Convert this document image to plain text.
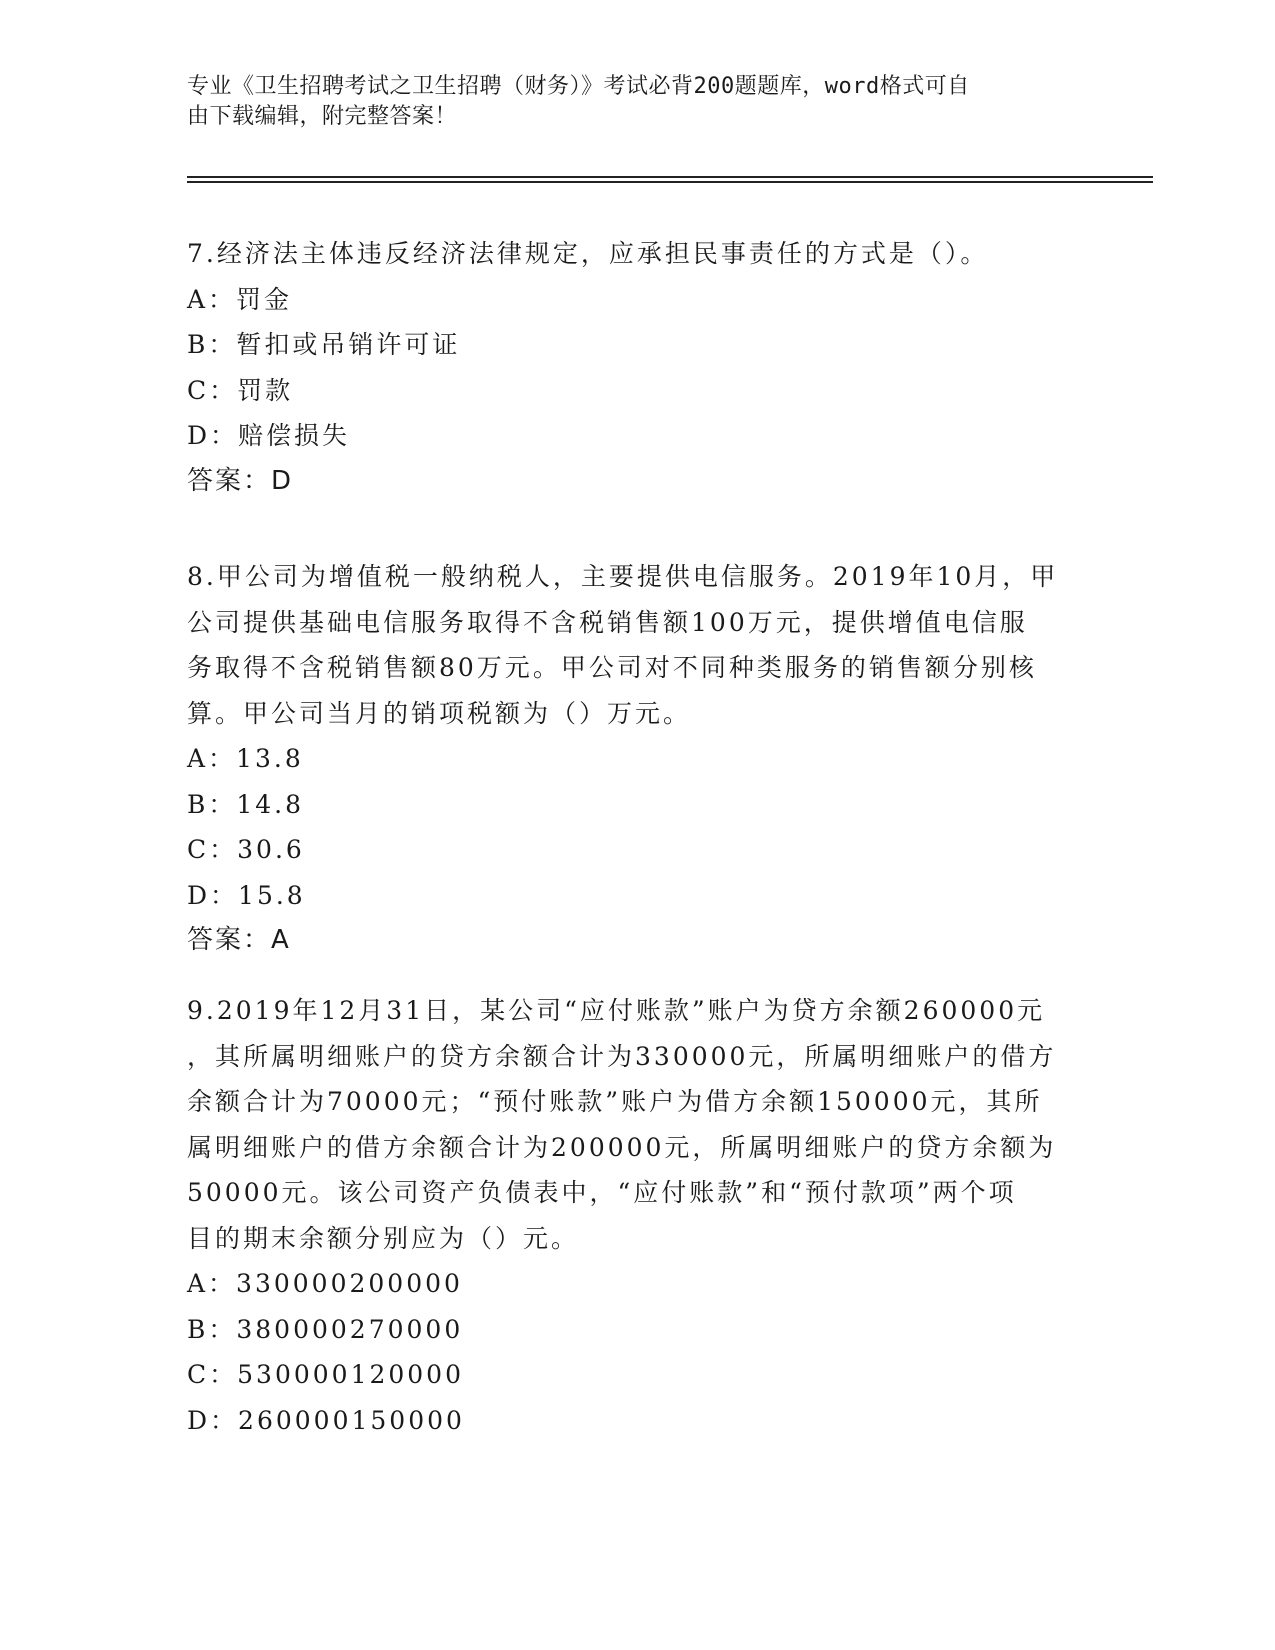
专业《卫生招聘考试之卫生招聘（财务）》考试必背200题题库，word格式可自
由下载编辑，附完整答案！
7.经济法主体违反经济法律规定，应承担民事责任的方式是（）。
A：罚金
B：暂扣或吊销许可证
C：罚款
D：赔偿损失
答案：D
8.甲公司为增值税一般纳税人，主要提供电信服务。2019年10月，甲
公司提供基础电信服务取得不含税销售额100万元，提供增值电信服
务取得不含税销售额80万元。甲公司对不同种类服务的销售额分别核
算。甲公司当月的销项税额为（）万元。
A：13.8
B：14.8
C：30.6
D：15.8
答案：A
9.2019年12月31日，某公司“应付账款”账户为贷方余额260000元
，其所属明细账户的贷方余额合计为330000元，所属明细账户的借方
余额合计为70000元；“预付账款”账户为借方余额150000元，其所
属明细账户的借方余额合计为200000元，所属明细账户的贷方余额为
50000元。该公司资产负债表中，“应付账款”和“预付款项”两个项
目的期末余额分别应为（）元。
A：330000200000
B：380000270000
C：530000120000
D：260000150000
